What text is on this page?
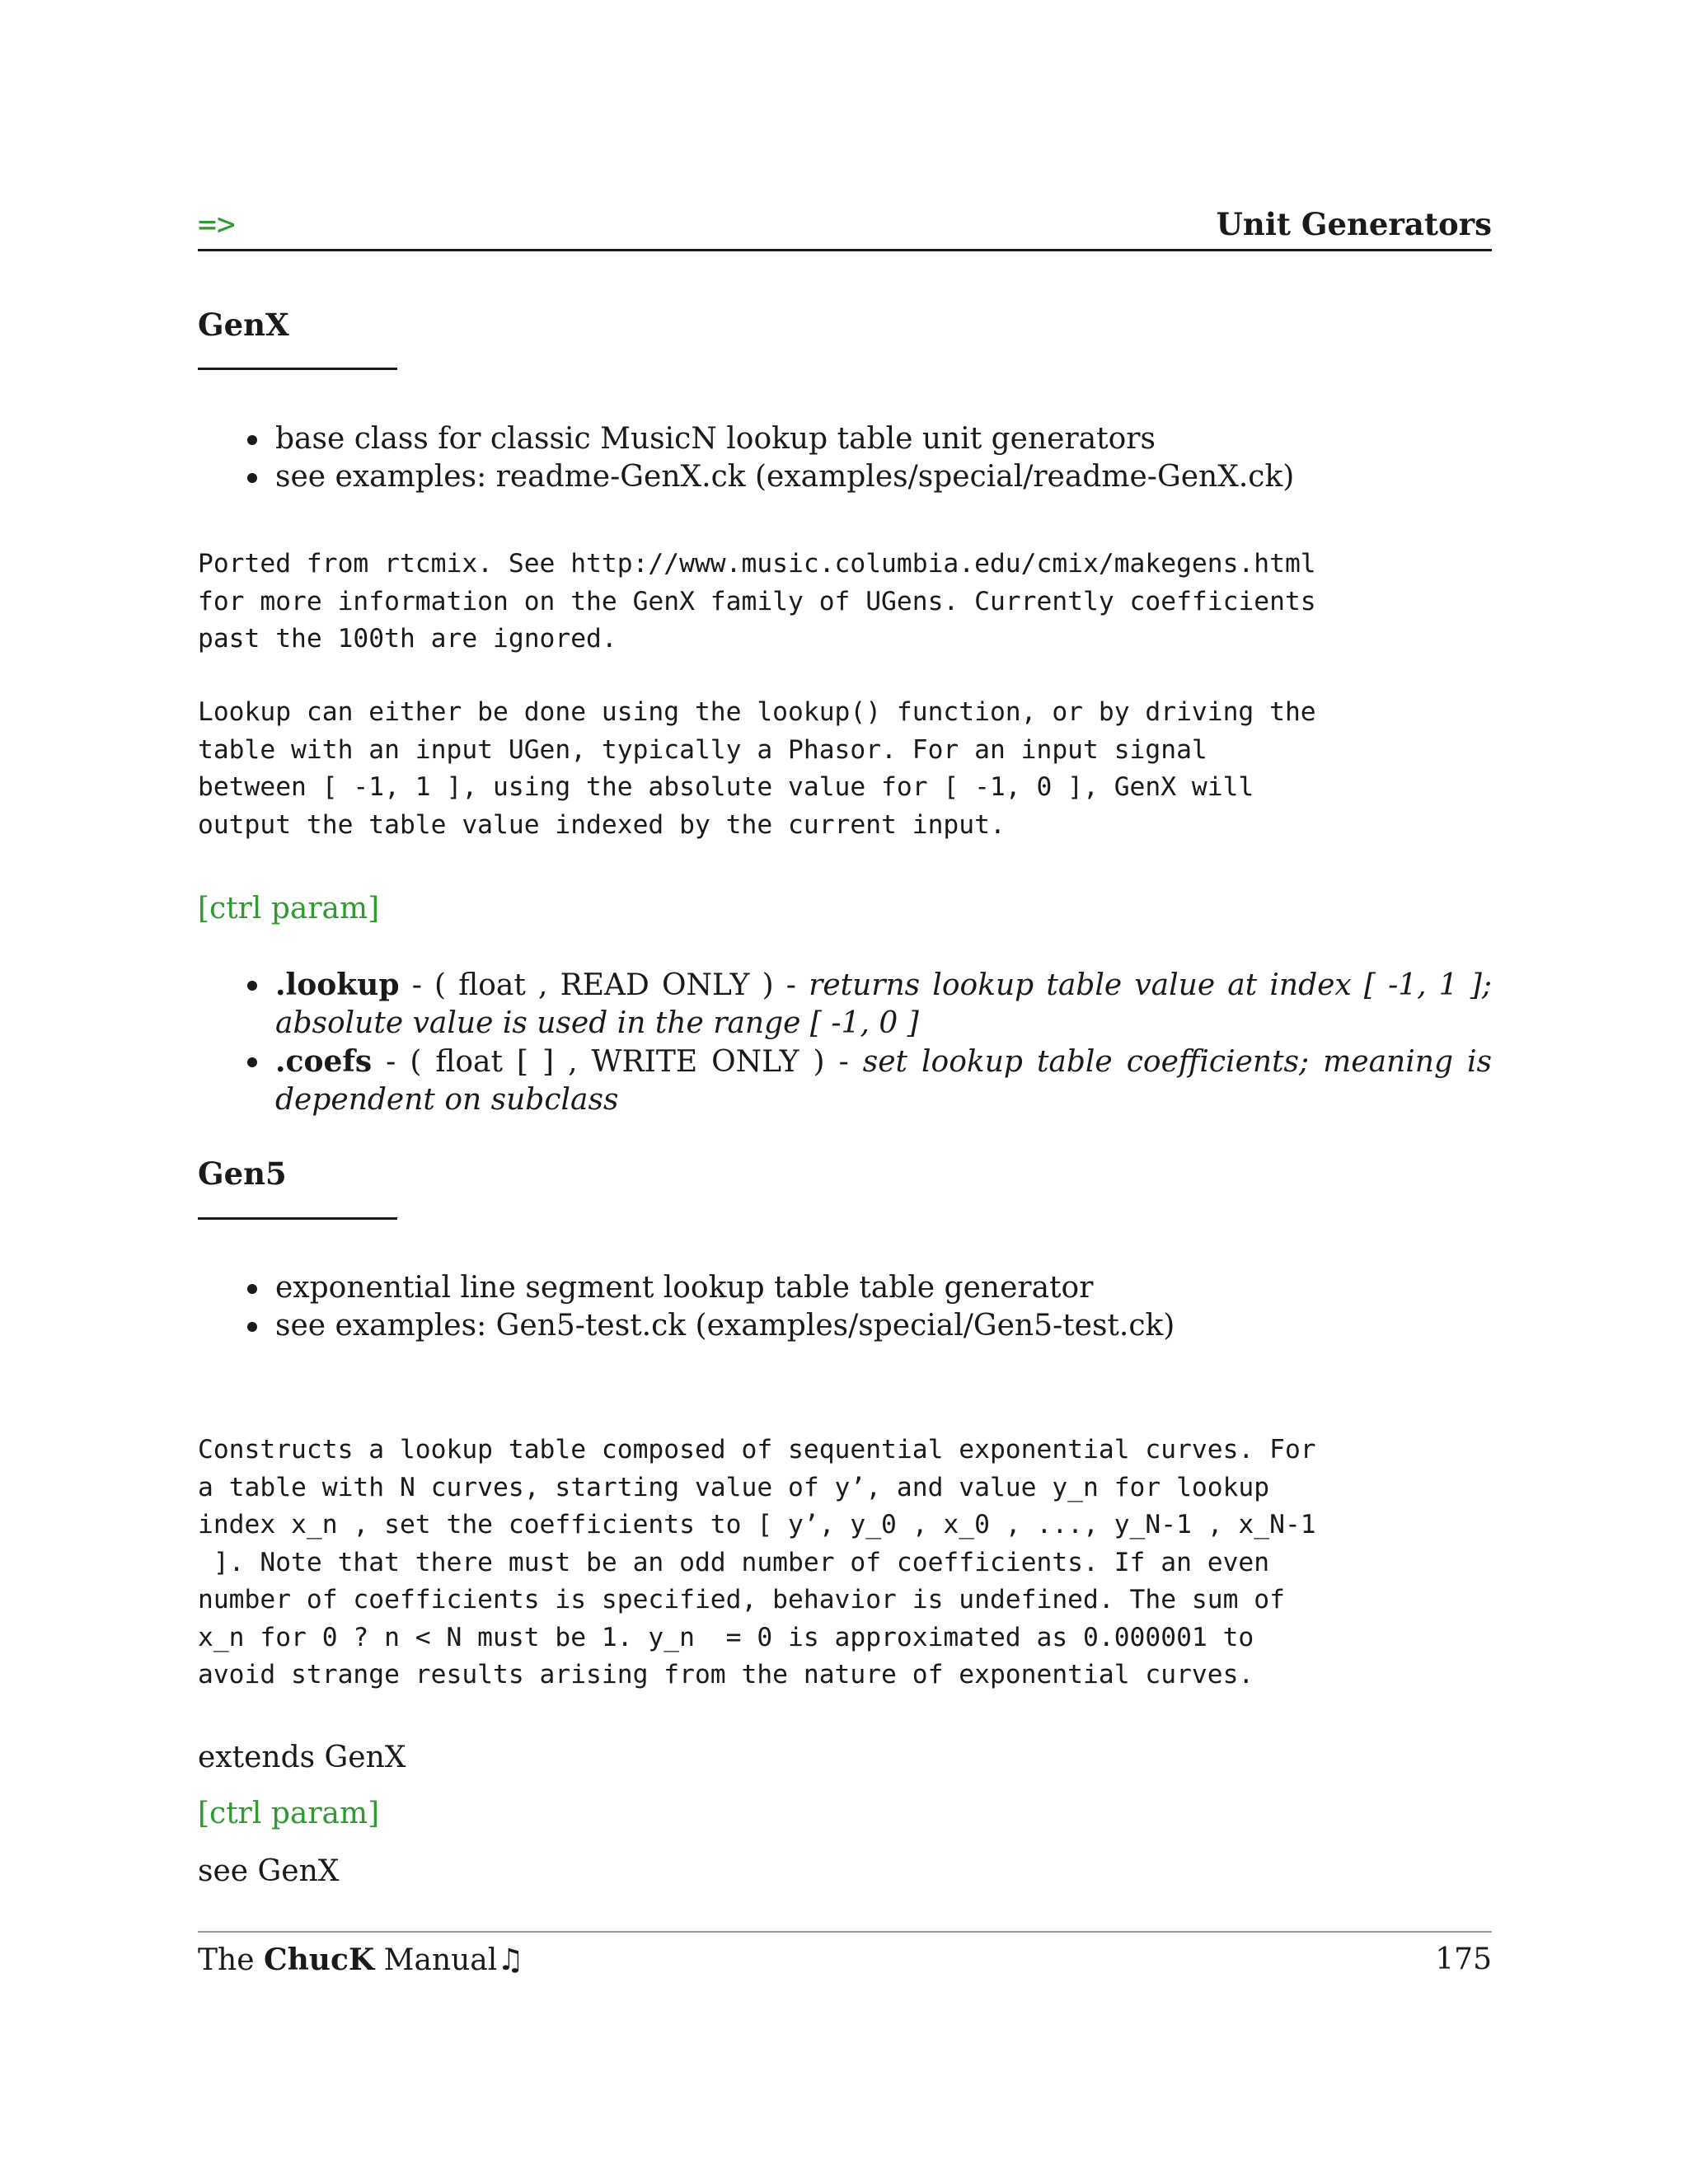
=>	Unit Generators
GenX
base class for classic MusicN lookup table unit generators
see examples: readme-GenX.ck (examples/special/readme-GenX.ck)
Ported from rtcmix. See http://www.music.columbia.edu/cmix/makegens.html
for more information on the GenX family of UGens. Currently coefficients
past the 100th are ignored.
Lookup can either be done using the lookup() function, or by driving the
table with an input UGen, typically a Phasor. For an input signal
between [ -1, 1 ], using the absolute value for [ -1, 0 ], GenX will
output the table value indexed by the current input.
[ctrl param]
.lookup - ( float , READ ONLY ) - returns lookup table value at index [ -1, 1 ]; absolute value is used in the range [ -1, 0 ]
.coefs - ( float [ ] , WRITE ONLY ) - set lookup table coefficients; meaning is dependent on subclass
Gen5
exponential line segment lookup table table generator
see examples: Gen5-test.ck (examples/special/Gen5-test.ck)
Constructs a lookup table composed of sequential exponential curves. For
a table with N curves, starting value of y’, and value y_n for lookup
index x_n , set the coefficients to [ y’, y_0 , x_0 , ..., y_N-1 , x_N-1
]. Note that there must be an odd number of coefficients. If an even
number of coefficients is specified, behavior is undefined. The sum of
x_n for 0 ? n < N must be 1. y_n  = 0 is approximated as 0.000001 to
avoid strange results arising from the nature of exponential curves.
extends GenX
[ctrl param]
see GenX
The ChucK Manual♫	175
